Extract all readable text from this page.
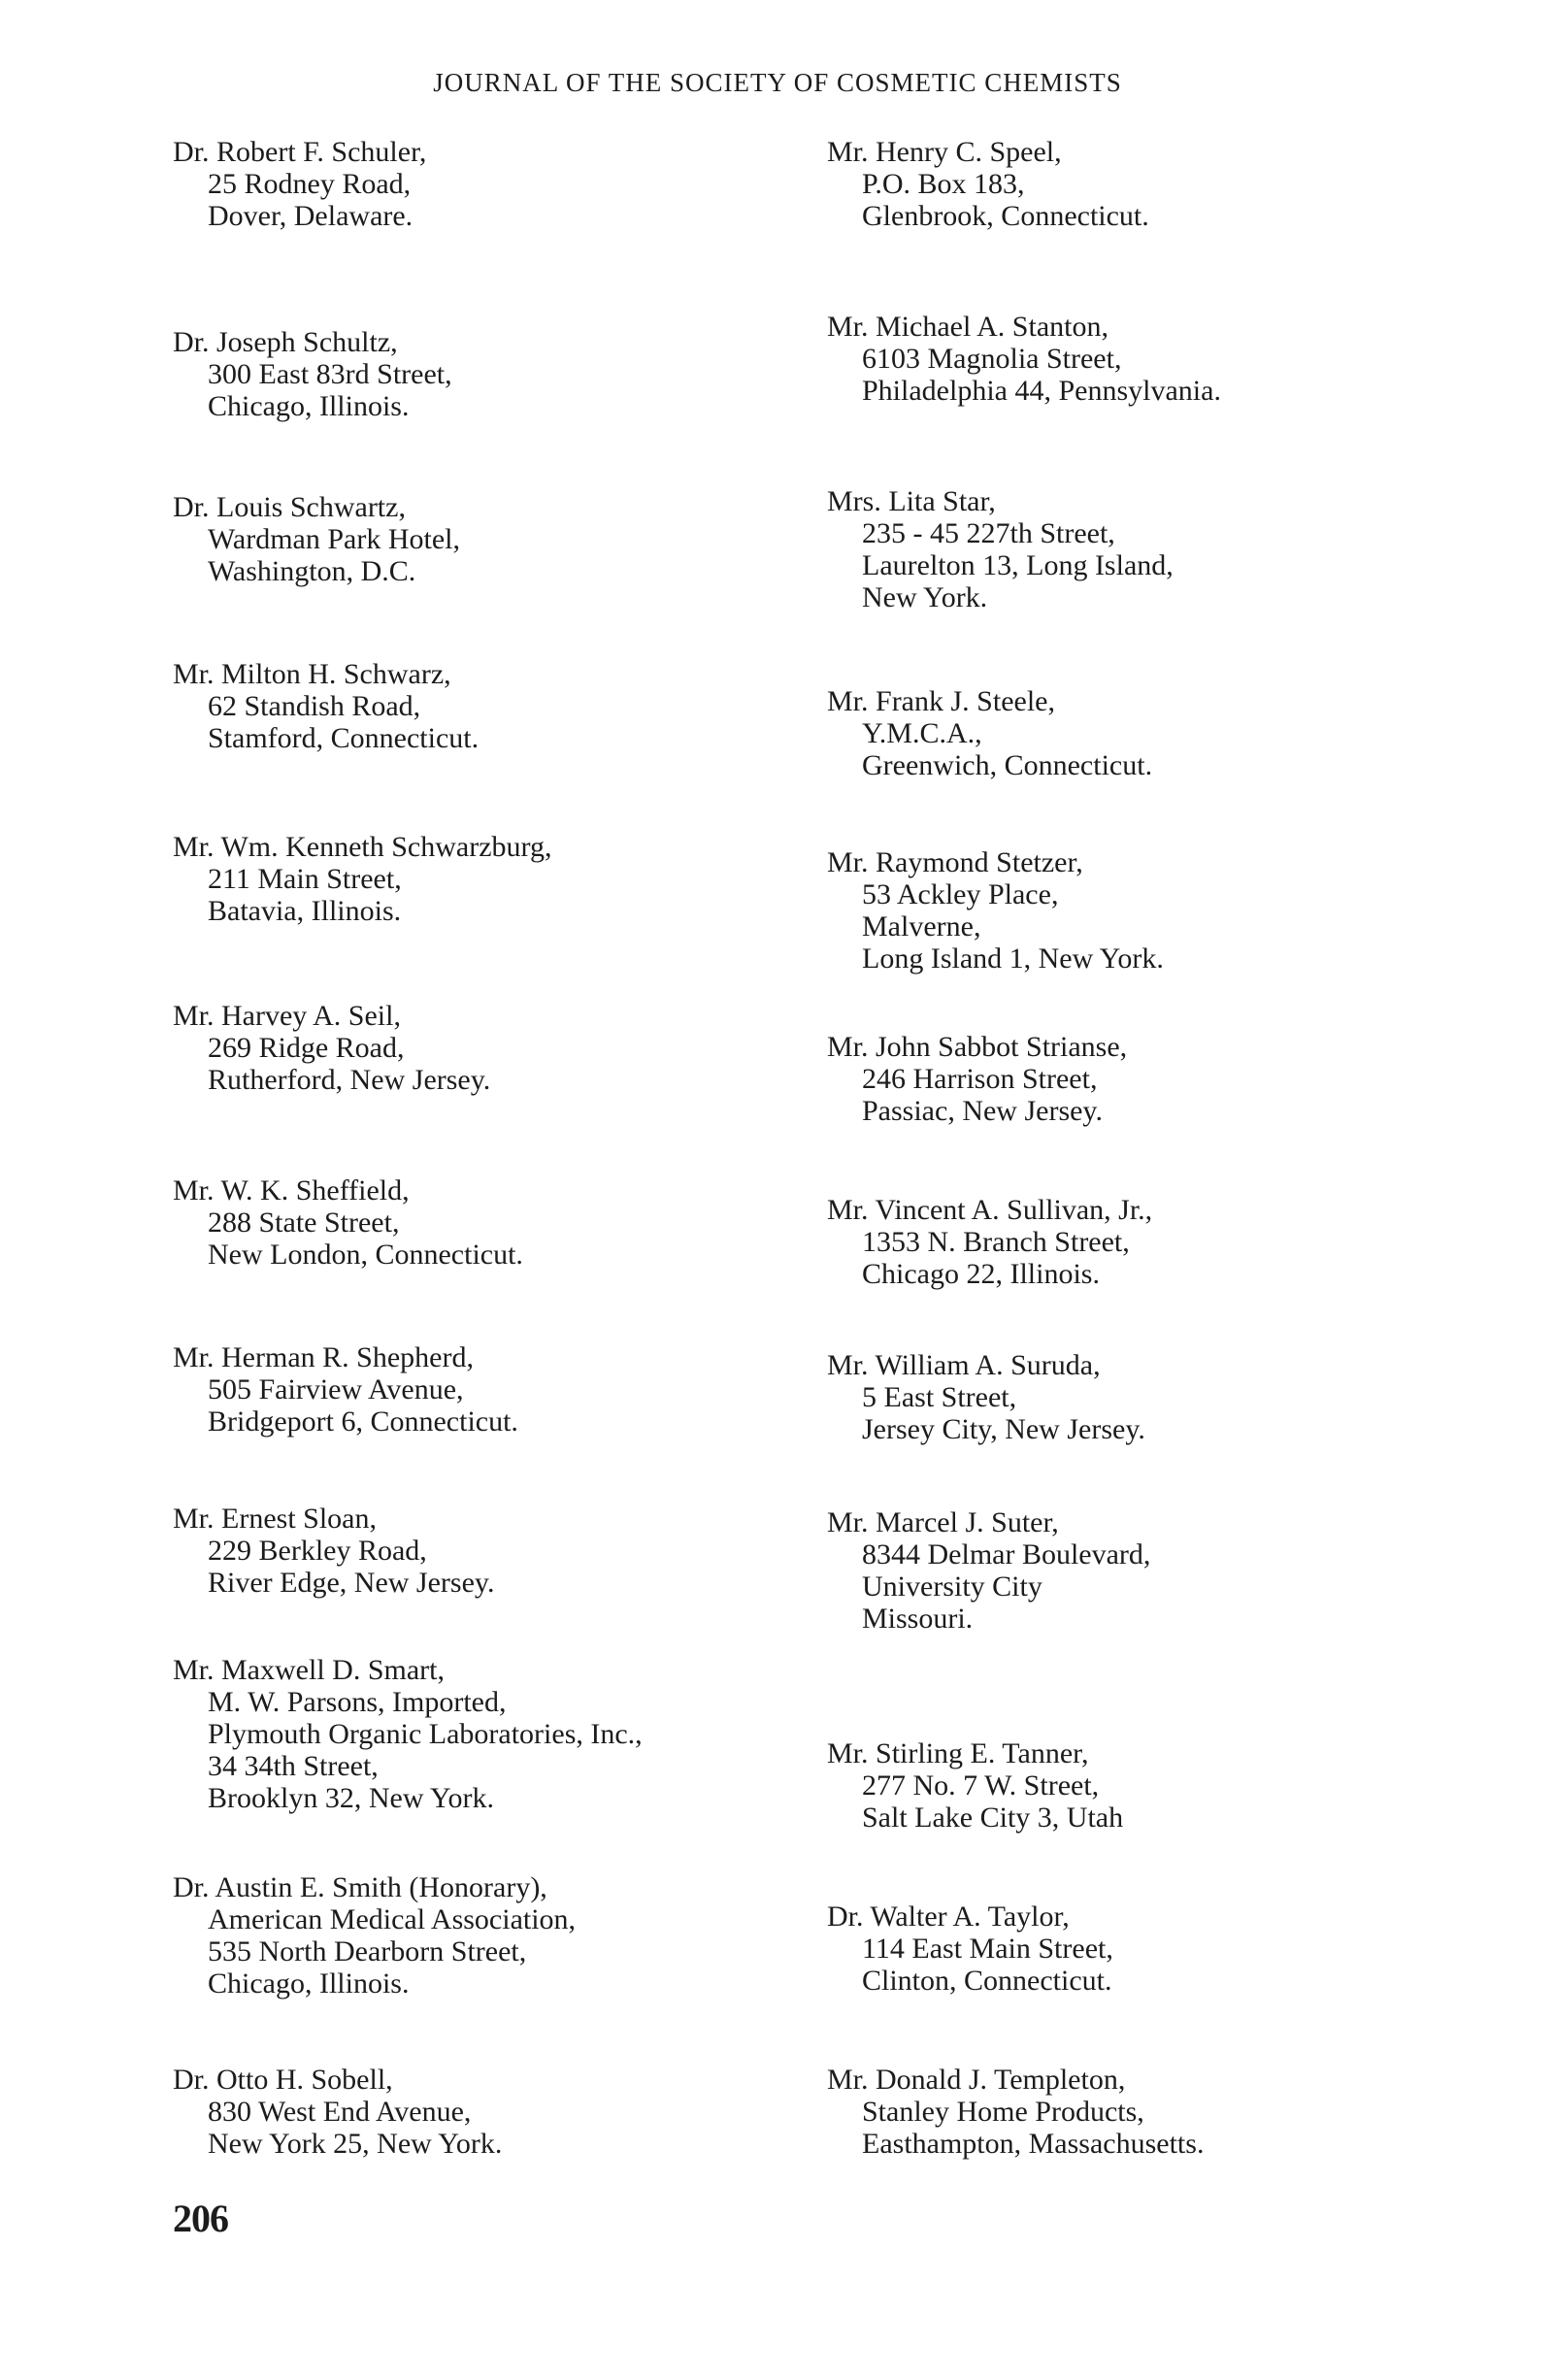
JOURNAL OF THE SOCIETY OF COSMETIC CHEMISTS
Dr. Robert F. Schuler,
25 Rodney Road,
Dover, Delaware.
Dr. Joseph Schultz,
300 East 83rd Street,
Chicago, Illinois.
Dr. Louis Schwartz,
Wardman Park Hotel,
Washington, D.C.
Mr. Milton H. Schwarz,
62 Standish Road,
Stamford, Connecticut.
Mr. Wm. Kenneth Schwarzburg,
211 Main Street,
Batavia, Illinois.
Mr. Harvey A. Seil,
269 Ridge Road,
Rutherford, New Jersey.
Mr. W. K. Sheffield,
288 State Street,
New London, Connecticut.
Mr. Herman R. Shepherd,
505 Fairview Avenue,
Bridgeport 6, Connecticut.
Mr. Ernest Sloan,
229 Berkley Road,
River Edge, New Jersey.
Mr. Maxwell D. Smart,
M. W. Parsons, Imported,
Plymouth Organic Laboratories, Inc.,
34 34th Street,
Brooklyn 32, New York.
Dr. Austin E. Smith (Honorary),
American Medical Association,
535 North Dearborn Street,
Chicago, Illinois.
Dr. Otto H. Sobell,
830 West End Avenue,
New York 25, New York.
Mr. Henry C. Speel,
P.O. Box 183,
Glenbrook, Connecticut.
Mr. Michael A. Stanton,
6103 Magnolia Street,
Philadelphia 44, Pennsylvania.
Mrs. Lita Star,
235 - 45 227th Street,
Laurelton 13, Long Island,
New York.
Mr. Frank J. Steele,
Y.M.C.A.,
Greenwich, Connecticut.
Mr. Raymond Stetzer,
53 Ackley Place,
Malverne,
Long Island 1, New York.
Mr. John Sabbot Strianse,
246 Harrison Street,
Passiac, New Jersey.
Mr. Vincent A. Sullivan, Jr.,
1353 N. Branch Street,
Chicago 22, Illinois.
Mr. William A. Suruda,
5 East Street,
Jersey City, New Jersey.
Mr. Marcel J. Suter,
8344 Delmar Boulevard,
University City
Missouri.
Mr. Stirling E. Tanner,
277 No. 7 W. Street,
Salt Lake City 3, Utah
Dr. Walter A. Taylor,
114 East Main Street,
Clinton, Connecticut.
Mr. Donald J. Templeton,
Stanley Home Products,
Easthampton, Massachusetts.
206
